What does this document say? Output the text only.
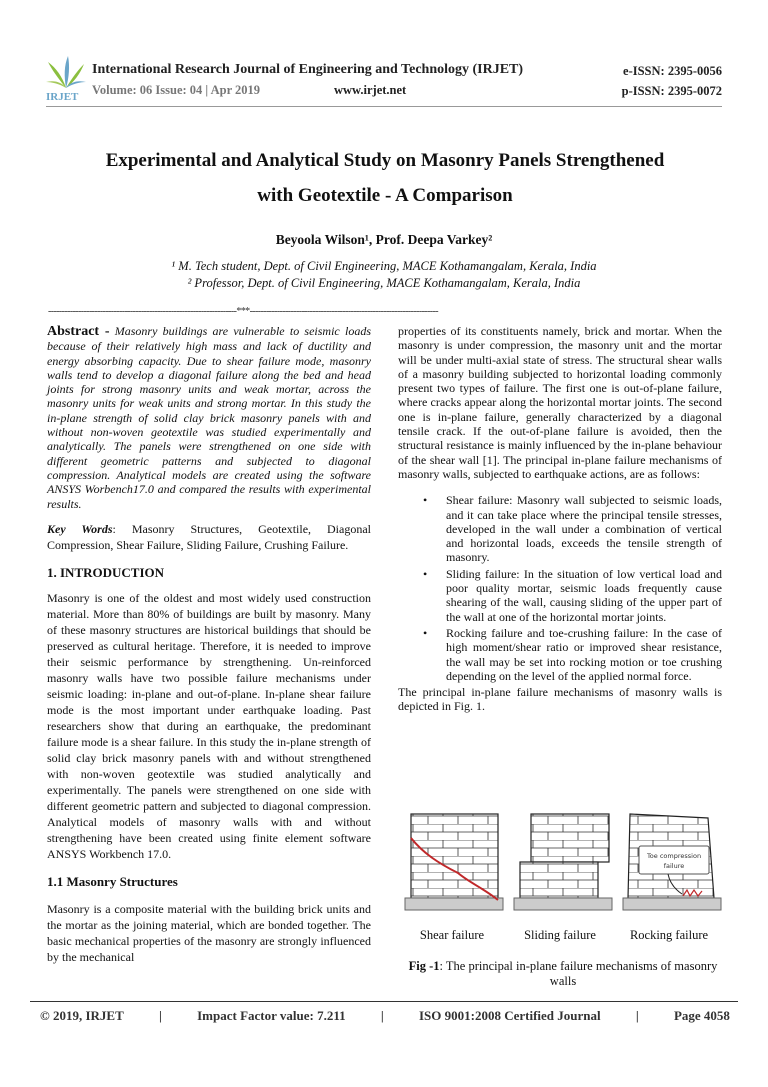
IRJET
International Research Journal of Engineering and Technology (IRJET)
Volume: 06 Issue: 04 | Apr 2019	www.irjet.net
e-ISSN: 2395-0056
p-ISSN: 2395-0072
Experimental and Analytical Study on Masonry Panels Strengthened
with Geotextile - A Comparison
Beyoola Wilson¹, Prof. Deepa Varkey²
¹ M. Tech student, Dept. of Civil Engineering, MACE Kothamangalam, Kerala, India
² Professor, Dept. of Civil Engineering, MACE Kothamangalam, Kerala, India
---------------------------------------------------------------------***---------------------------------------------------------------------

Abstract - Masonry buildings are vulnerable to seismic loads because of their relatively high mass and lack of ductility and energy absorbing capacity. Due to shear failure mode, masonry walls tend to develop a diagonal failure along the bed and head joints for strong masonry units and weak mortar, across the masonry units for weak units and strong mortar. In this study the in-plane strength of solid clay brick masonry panels with and without non-woven geotextile was studied experimentally and analytically. The panels were strengthened on one side with different geometric patterns and subjected to diagonal compression. Analytical models are created using the software ANSYS Worbench17.0 and compared the results with experimental results.

Key Words: Masonry Structures, Geotextile, Diagonal Compression, Shear Failure, Sliding Failure, Crushing Failure.

1. INTRODUCTION

Masonry is one of the oldest and most widely used construction material. More than 80% of buildings are built by masonry. Many of these masonry structures are historical buildings that should be preserved as cultural heritage. Therefore, it is needed to improve their seismic performance by strengthening. Un-reinforced masonry walls have two possible failure mechanisms under seismic loading: in-plane and out-of-plane. In-plane shear failure mode is the most important under earthquake loading. Past researchers show that during an earthquake, the predominant failure mode is a shear failure. In this study the in-plane strength of solid clay brick masonry panels with and without strengthened with non-woven geotextile was studied analytically and experimentally. The panels were strengthened on one side with different geometric pattern and subjected to diagonal compression. Analytical models of masonry walls with and without strengthening have been created using finite element software ANSYS Workbench 17.0.

1.1 Masonry Structures

Masonry is a composite material with the building brick units and the mortar as the joining material, which are bonded together. The basic mechanical properties of the masonry are strongly influenced by the mechanical

properties of its constituents namely, brick and mortar. When the masonry is under compression, the masonry unit and the mortar will be under multi-axial state of stress. The structural shear walls of a masonry building subjected to horizontal loading commonly present two types of failure. The first one is out-of-plane failure, where cracks appear along the horizontal mortar joints. The second one is in-plane failure, generally characterized by a diagonal tensile crack. If the out-of-plane failure is avoided, then the structural resistance is mainly influenced by the in-plane behaviour of the shear wall [1]. The principal in-plane failure mechanisms of masonry walls, subjected to earthquake actions, are as follows:

• Shear failure: Masonry wall subjected to seismic loads, and it can take place where the principal tensile stresses, developed in the wall under a combination of vertical and horizontal loads, exceeds the tensile strength of masonry.
• Sliding failure: In the situation of low vertical load and poor quality mortar, seismic loads frequently cause shearing of the wall, causing sliding of the upper part of the wall at one of the horizontal mortar joints.
• Rocking failure and toe-crushing failure: In the case of high moment/shear ratio or improved shear resistance, the wall may be set into rocking motion or toe crushing depending on the level of the applied normal force.

The principal in-plane failure mechanisms of masonry walls is depicted in Fig. 1.

Toe compression
failure
Shear failure	Sliding failure	Rocking failure
Fig -1: The principal in-plane failure mechanisms of masonry walls
© 2019, IRJET	|	Impact Factor value: 7.211	|	ISO 9001:2008 Certified Journal	|	Page 4058
